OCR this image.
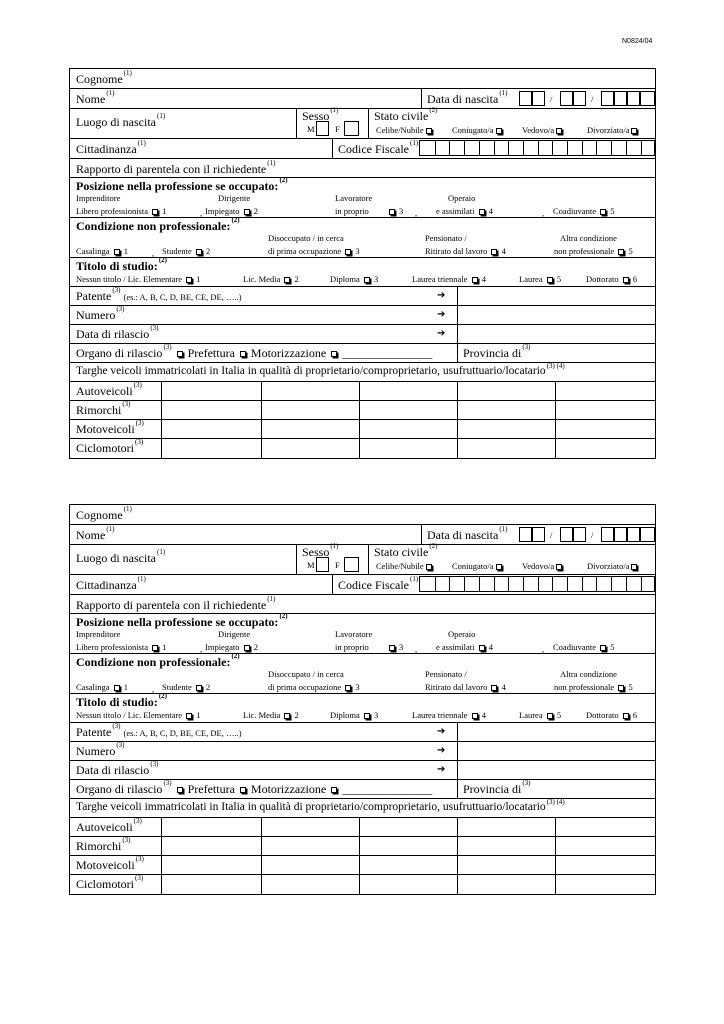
N0824/04
Cognome$^{(1)}$
Nome$^{(1)}$	Data di nascita$^{(1)}$
/	/
Luogo di nascita$^{(1)}$	Sesso$^{(1)}$
M F
Stato civile$^{(2)}$
Celibe/Nubile	Coniugato/a	Vedovo/a	Divorziato/a
Cittadinanza$^{(1)}$	Codice Fiscale$^{(1)}$
Rapporto di parentela con il richiedente$^{(1)}$
Posizione nella professione se occupato:$^{(2)}$
Imprenditore
Libero professionista 1	,
Dirigente
Impiegato 2
Lavoratore
in proprio	3 ,
Operaio
e assimilati 4	, Coadiuvante 5
Condizione non professionale:$^{(2)}$
Casalinga 1	, Studente 2
Disoccupato / in cerca
di prima occupazione 3
Pensionato /
Ritirato dal lavoro 4
Altra condizione
non professionale 5
Titolo di studio:$^{(2)}$
Nessun titolo / Lic. Elementare 1	Lic. Media 2	Diploma 3	Laurea triennale 4	Laurea 5	Dottorato 6
Patente$^{(3)}$ (es.: A, B, C, D, BE, CE, DE, …..)	➔
Numero$^{(3)}$	➔
Data di rilascio$^{(3)}$	➔
Organo di rilascio$^{(3)}$ Prefettura Motorizzazione _______________	Provincia $di^{(3)}$
Targhe veicoli immatricolati in Italia in qualità di proprietario/comproprietario, usufruttuario/locatario$^{(3) (4)}$
Autoveicoli$^{(3)}$
Rimorchi$^{(3)}$
Motoveicoli$^{(3)}$
Ciclomotori$^{(3)}$
Cognome$^{(1)}$
Nome$^{(1)}$	Data di nascita$^{(1)}$
/	/
Luogo di nascita$^{(1)}$	Sesso$^{(1)}$
M F
Stato civile$^{(2)}$
Celibe/Nubile	Coniugato/a	Vedovo/a	Divorziato/a
Cittadinanza$^{(1)}$	Codice Fiscale$^{(1)}$
Rapporto di parentela con il richiedente$^{(1)}$
Posizione nella professione se occupato:$^{(2)}$
Imprenditore
Libero professionista 1	,
Dirigente
Impiegato 2
Lavoratore
in proprio	3 ,
Operaio
e assimilati 4	, Coadiuvante 5
Condizione non professionale:$^{(2)}$
Casalinga 1	, Studente 2
Disoccupato / in cerca
di prima occupazione 3
Pensionato /
Ritirato dal lavoro 4
Altra condizione
non professionale 5
Titolo di studio:$^{(2)}$
Nessun titolo / Lic. Elementare 1	Lic. Media 2	Diploma 3	Laurea triennale 4	Laurea 5	Dottorato 6
Patente$^{(3)}$ (es.: A, B, C, D, BE, CE, DE, …..)	➔
Numero$^{(3)}$	➔
Data di rilascio$^{(3)}$	➔
Organo di rilascio$^{(3)}$ Prefettura Motorizzazione _______________	Provincia $di^{(3)}$
Targhe veicoli immatricolati in Italia in qualità di proprietario/comproprietario, usufruttuario/locatario$^{(3) (4)}$
Autoveicoli$^{(3)}$
Rimorchi$^{(3)}$
Motoveicoli$^{(3)}$
Ciclomotori$^{(3)}$
